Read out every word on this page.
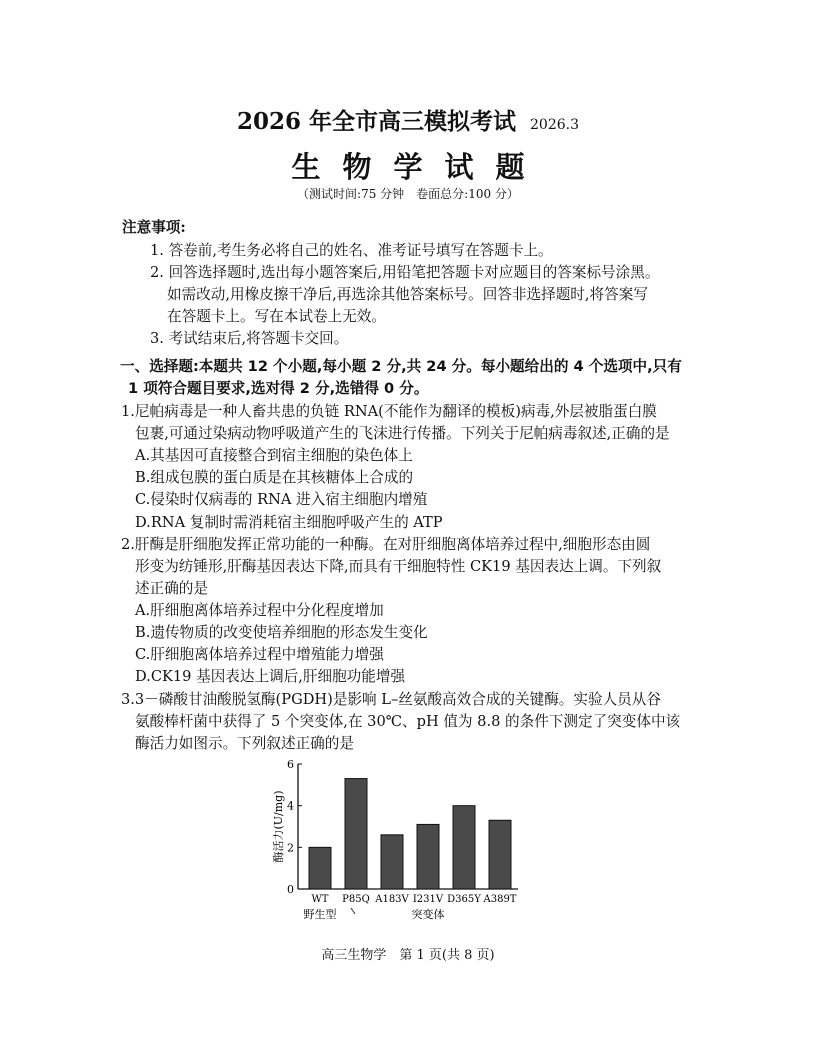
2026 年全市高三模拟考试 2026.3
生物学试题
（测试时间:75 分钟　卷面总分:100 分）
注意事项:
1. 答卷前,考生务必将自己的姓名、准考证号填写在答题卡上。
2. 回答选择题时,选出每小题答案后,用铅笔把答题卡对应题目的答案标号涂黑。
如需改动,用橡皮擦干净后,再选涂其他答案标号。回答非选择题时,将答案写
在答题卡上。写在本试卷上无效。
3. 考试结束后,将答题卡交回。
一、选择题:本题共 12 个小题,每小题 2 分,共 24 分。每小题给出的 4 个选项中,只有
1 项符合题目要求,选对得 2 分,选错得 0 分。
1.尼帕病毒是一种人畜共患的负链 RNA(不能作为翻译的模板)病毒,外层被脂蛋白膜
包裹,可通过染病动物呼吸道产生的飞沫进行传播。下列关于尼帕病毒叙述,正确的是
A.其基因可直接整合到宿主细胞的染色体上
B.组成包膜的蛋白质是在其核糖体上合成的
C.侵染时仅病毒的 RNA 进入宿主细胞内增殖
D.RNA 复制时需消耗宿主细胞呼吸产生的 ATP
2.肝酶是肝细胞发挥正常功能的一种酶。在对肝细胞离体培养过程中,细胞形态由圆
形变为纺锤形,肝酶基因表达下降,而具有干细胞特性 CK19 基因表达上调。下列叙
述正确的是
A.肝细胞离体培养过程中分化程度增加
B.遗传物质的改变使培养细胞的形态发生变化
C.肝细胞离体培养过程中增殖能力增强
D.CK19 基因表达上调后,肝细胞功能增强
3.3－磷酸甘油酸脱氢酶(PGDH)是影响 L–丝氨酸高效合成的关键酶。实验人员从谷
氨酸棒杆菌中获得了 5 个突变体,在 30℃、pH 值为 8.8 的条件下测定了突变体中该
酶活力如图示。下列叙述正确的是
0
2
4
6
酶活力(U/mg)
WT P85Q A183V I231V D365Y A389T
野生型	突变体
高三生物学　第 1 页(共 8 页)
